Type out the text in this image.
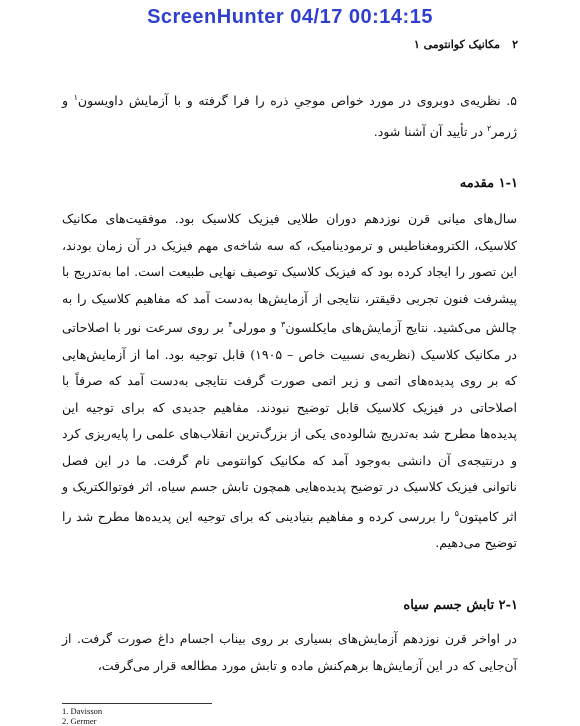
ScreenHunter 04/17 00:14:15
۲
مکانیک کوانتومی ۱
۵. نظریه‌ی دوبروی در مورد خواص موجیِ ذره را فرا گرفته و با آزمایش داویسون$^۱$ و ژرمر$^۲$ در تأیید آن آشنا شود.
۱-۱ مقدمه
سال‌های میانی قرن نوزدهم دوران طلایی فیزیک کلاسیک بود. موفقیت‌های مکانیک کلاسیک، الکترومغناطیس و ترمودینامیک، که سه شاخه‌ی مهم فیزیک در آن زمان بودند، این تصور را ایجاد کرده بود که فیزیک کلاسیک توصیف نهایی طبیعت است. اما به‌تدریج با پیشرفت فنون تجربی دقیقتر، نتایجی از آزمایش‌ها به‌دست آمد که مفاهیم کلاسیک را به چالش می‌کشید. نتایج آزمایش‌های مایکلسون$^۳$ و مورلی$^۴$ بر روی سرعت نور با اصلاحاتی در مکانیک کلاسیک (نظریه‌ی نسبیت خاص – ۱۹۰۵) قابل توجیه بود. اما از آزمایش‌هایی که بر روی پدیده‌های اتمی و زیر اتمی صورت گرفت نتایجی به‌دست آمد که صرفاً با اصلاحاتی در فیزیک کلاسیک قابل توضیح نبودند. مفاهیم جدیدی که برای توجیه این پدیده‌ها مطرح شد به‌تدریج شالوده‌ی یکی از بزرگ‌ترین انقلاب‌های علمی را پایه‌ریزی کرد و درنتیجه‌ی آن دانشی به‌وجود آمد که مکانیک کوانتومی نام گرفت. ما در این فصل ناتوانی فیزیک کلاسیک در توضیح پدیده‌هایی همچون تابش جسم سیاه، اثر فوتوالکتریک و اثر کامپتون$^۵$ را بررسی کرده و مفاهیم بنیادینی که برای توجیه این پدیده‌ها مطرح شد را توضیح می‌دهیم.
۲-۱ تابش جسم سیاه
در اواخر قرن نوزدهم آزمایش‌های بسیاری بر روی بیناب اجسام داغ صورت گرفت. از آن‌جایی که در این آزمایش‌ها برهم‌کنش ماده و تابش مورد مطالعه قرار می‌گرفت،
1. Davisson
2. Germer
